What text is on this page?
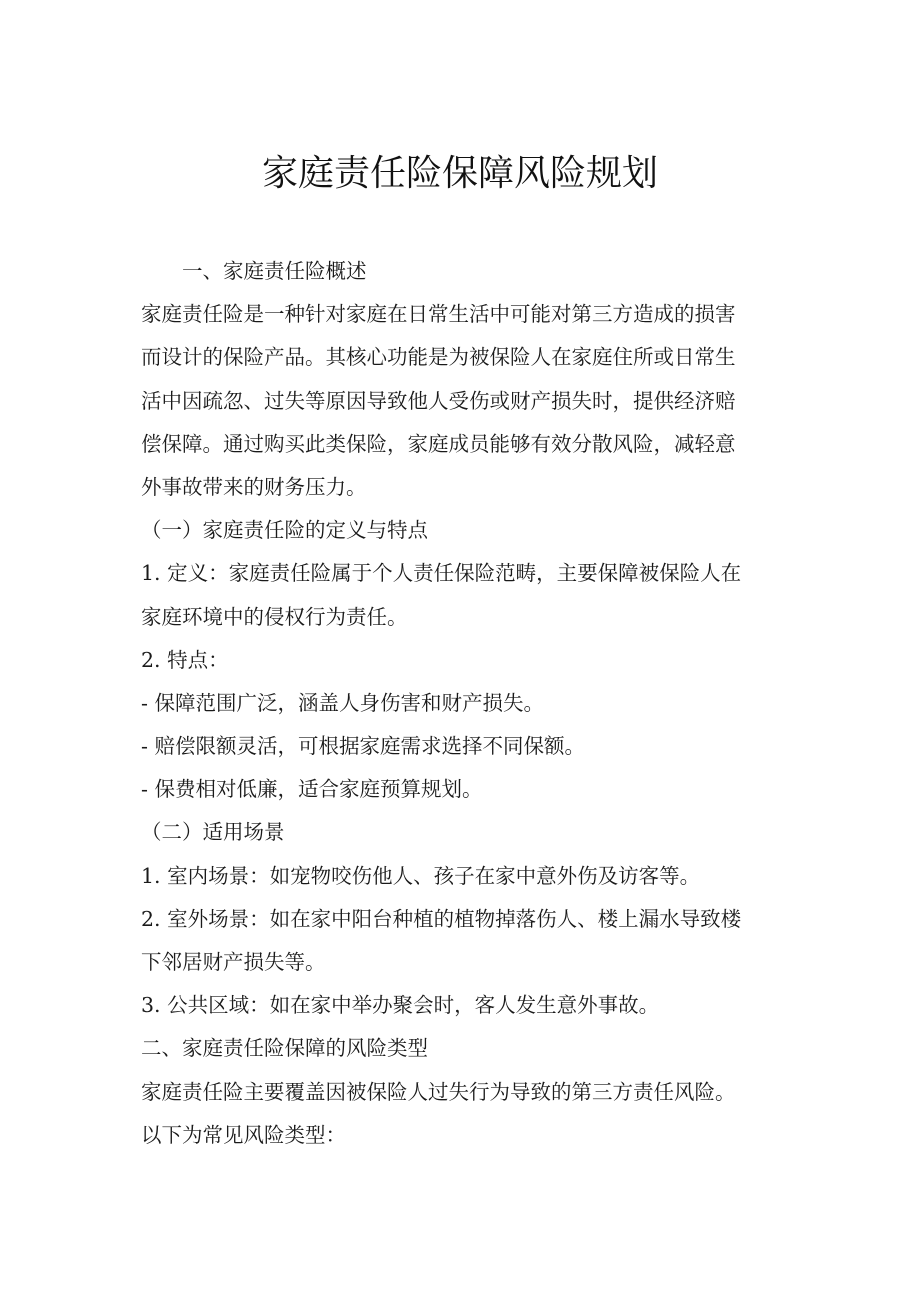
家庭责任险保障风险规划

一、家庭责任险概述

家庭责任险是一种针对家庭在日常生活中可能对第三方造成的损害

而设计的保险产品。其核心功能是为被保险人在家庭住所或日常生

活中因疏忽、过失等原因导致他人受伤或财产损失时，提供经济赔

偿保障。通过购买此类保险，家庭成员能够有效分散风险，减轻意

外事故带来的财务压力。

（一）家庭责任险的定义与特点

1. 定义：家庭责任险属于个人责任保险范畴，主要保障被保险人在

家庭环境中的侵权行为责任。

2. 特点：

- 保障范围广泛，涵盖人身伤害和财产损失。

- 赔偿限额灵活，可根据家庭需求选择不同保额。

- 保费相对低廉，适合家庭预算规划。

（二）适用场景

1. 室内场景：如宠物咬伤他人、孩子在家中意外伤及访客等。

2. 室外场景：如在家中阳台种植的植物掉落伤人、楼上漏水导致楼

下邻居财产损失等。

3. 公共区域：如在家中举办聚会时，客人发生意外事故。

二、家庭责任险保障的风险类型

家庭责任险主要覆盖因被保险人过失行为导致的第三方责任风险。

以下为常见风险类型：
